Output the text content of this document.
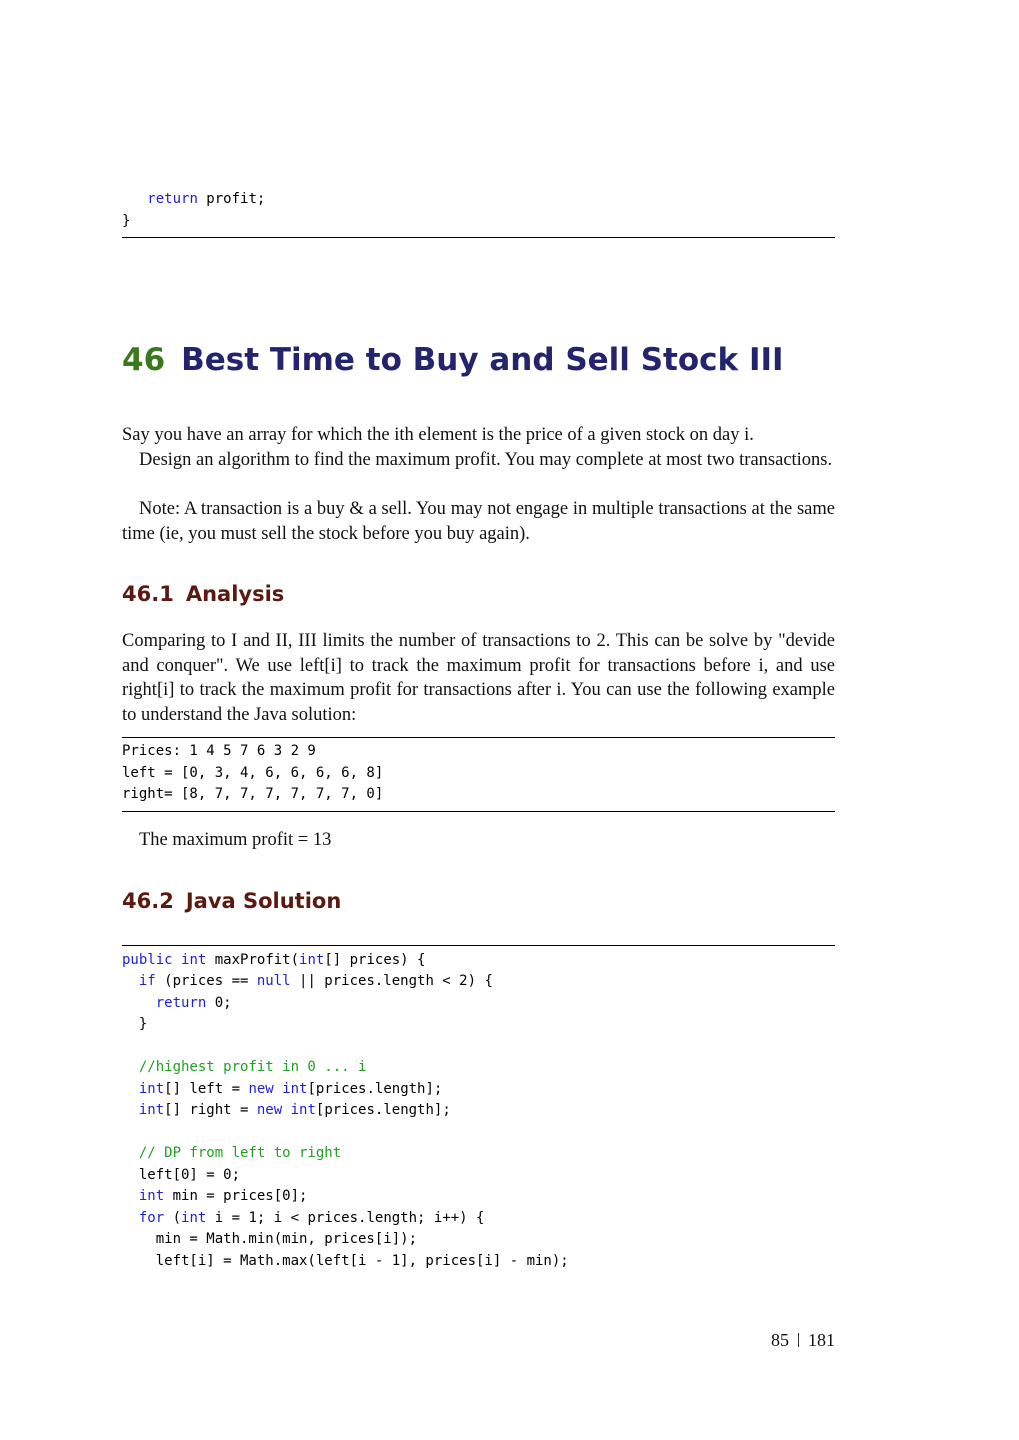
return profit;
}
46 Best Time to Buy and Sell Stock III
Say you have an array for which the ith element is the price of a given stock on day i.
Design an algorithm to find the maximum profit. You may complete at most two transactions.
Note: A transaction is a buy & a sell. You may not engage in multiple transactions at the same time (ie, you must sell the stock before you buy again).
46.1 Analysis
Comparing to I and II, III limits the number of transactions to 2. This can be solve by "devide and conquer". We use left[i] to track the maximum profit for transactions before i, and use right[i] to track the maximum profit for transactions after i. You can use the following example to understand the Java solution:
Prices: 1 4 5 7 6 3 2 9
left = [0, 3, 4, 6, 6, 6, 6, 8]
right= [8, 7, 7, 7, 7, 7, 7, 0]
The maximum profit = 13
46.2 Java Solution
public int maxProfit(int[] prices) {
if (prices == null || prices.length < 2) {
return 0;
}
//highest profit in 0 ... i
int[] left = new int[prices.length];
int[] right = new int[prices.length];
// DP from left to right
left[0] = 0;
int min = prices[0];
for (int i = 1; i < prices.length; i++) {
min = Math.min(min, prices[i]);
left[i] = Math.max(left[i - 1], prices[i] - min);
85 181
